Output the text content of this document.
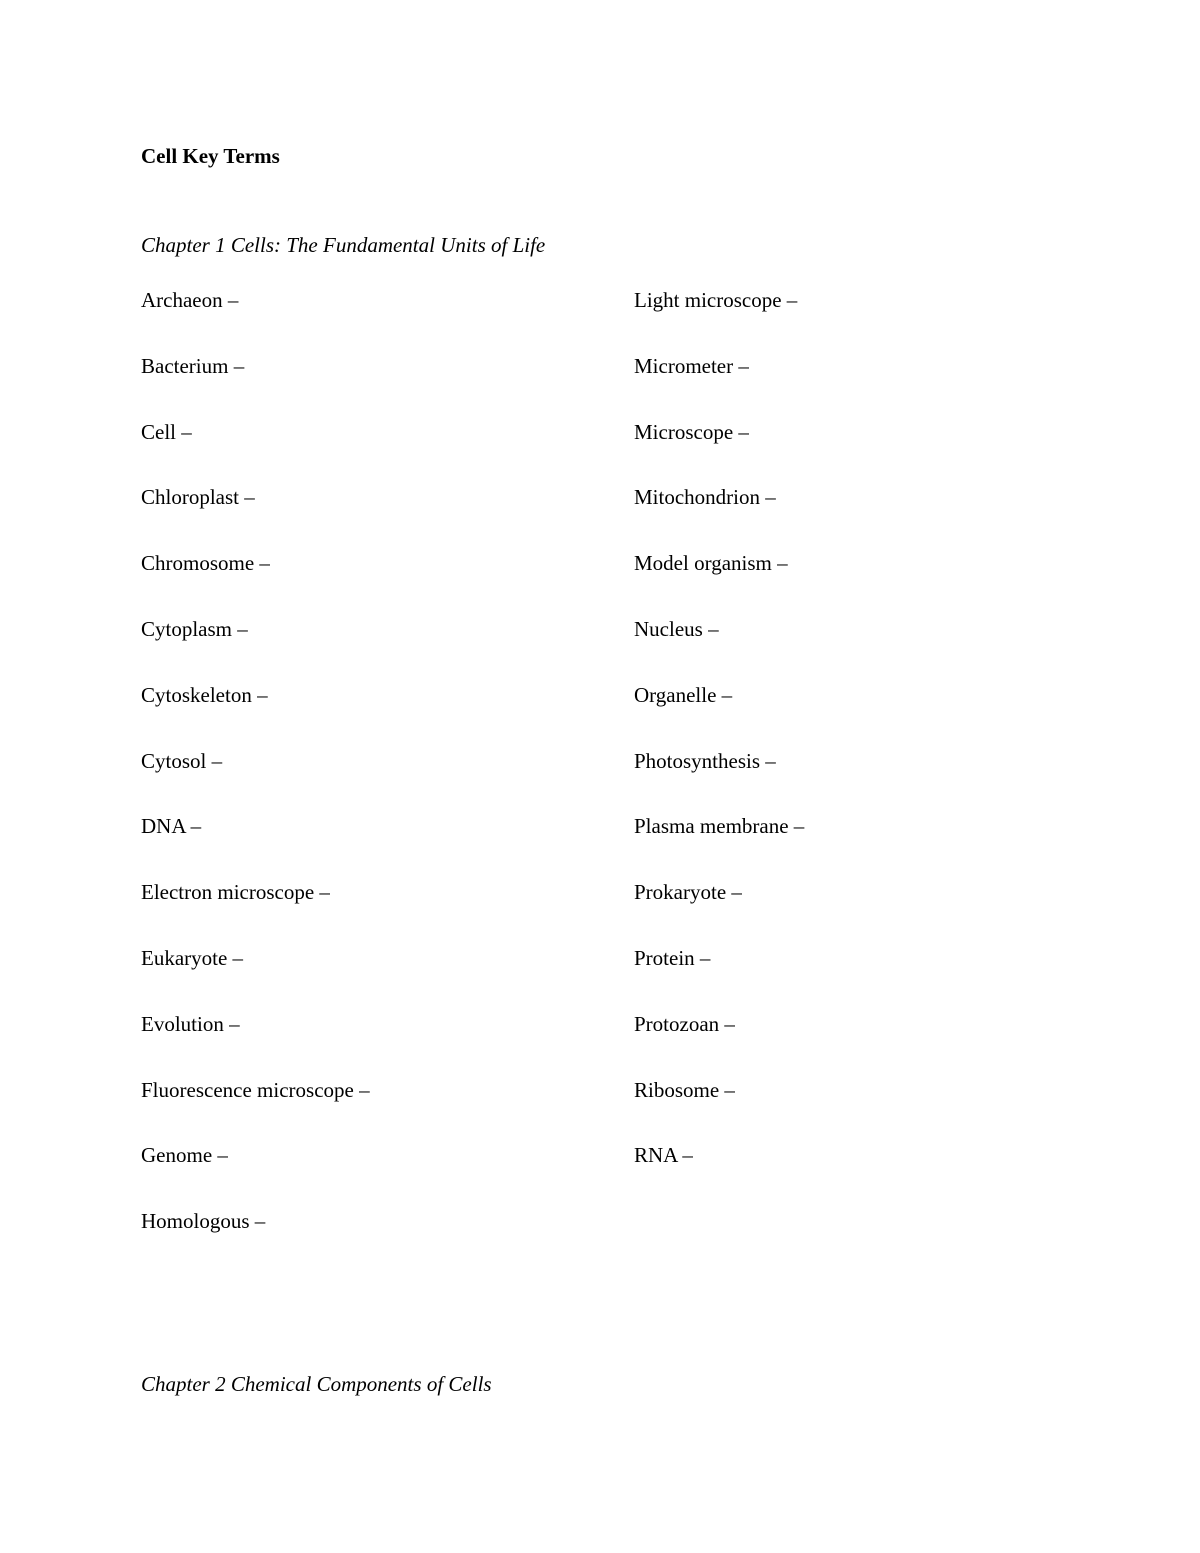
Cell Key Terms
Chapter 1 Cells: The Fundamental Units of Life
Archaeon –
Bacterium –
Cell –
Chloroplast –
Chromosome –
Cytoplasm –
Cytoskeleton –
Cytosol –
DNA –
Electron microscope –
Eukaryote –
Evolution –
Fluorescence microscope –
Genome –
Homologous –
Light microscope –
Micrometer –
Microscope –
Mitochondrion –
Model organism –
Nucleus –
Organelle –
Photosynthesis –
Plasma membrane –
Prokaryote –
Protein –
Protozoan –
Ribosome –
RNA –
Chapter 2 Chemical Components of Cells
